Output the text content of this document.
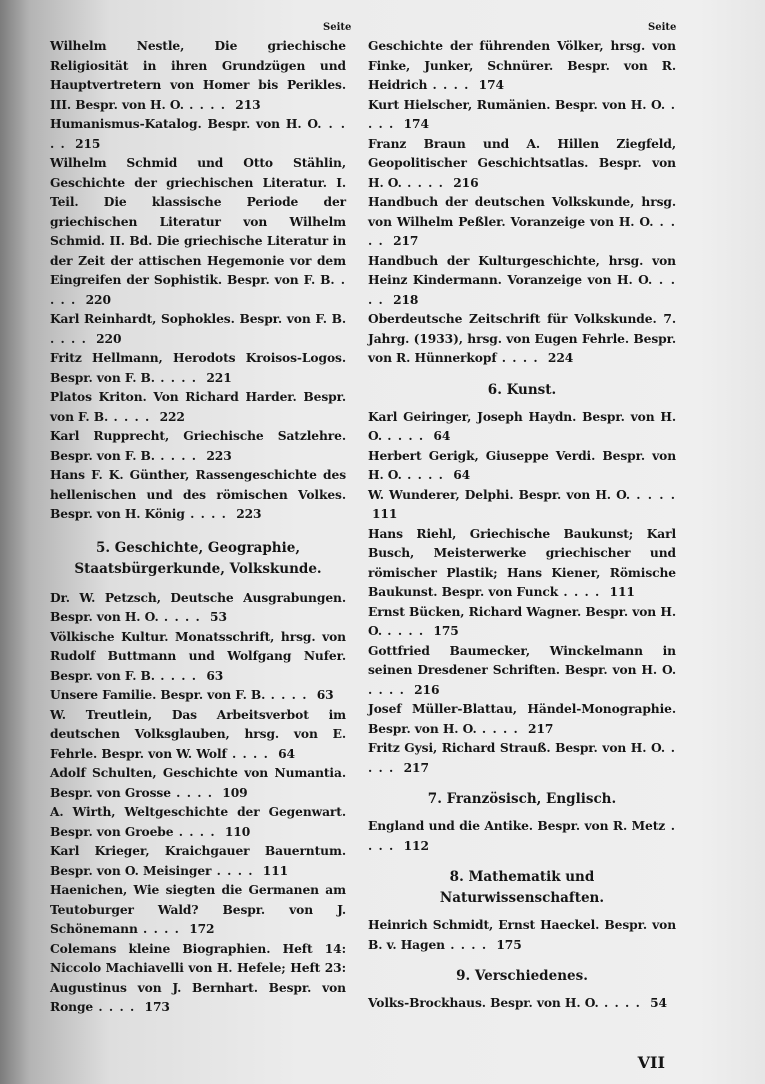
Seite	Seite

Wilhelm Nestle, Die griechische Religiosität in ihren Grundzügen und Hauptvertretern von Homer bis Perikles. III. Bespr. von H. O. . . . . 213

Humanismus-Katalog. Bespr. von H. O. . . . . 215

Wilhelm Schmid und Otto Stählin, Geschichte der griechischen Literatur. I. Teil. Die klassische Periode der griechischen Literatur von Wilhelm Schmid. II. Bd. Die griechische Literatur in der Zeit der attischen Hegemonie vor dem Eingreifen der Sophistik. Bespr. von F. B. . . . . 220

Karl Reinhardt, Sophokles. Bespr. von F. B. . . . . 220

Fritz Hellmann, Herodots Kroisos-Logos. Bespr. von F. B. . . . . 221

Platos Kriton. Von Richard Harder. Bespr. von F. B. . . . . 222

Karl Rupprecht, Griechische Satzlehre. Bespr. von F. B. . . . . 223

Hans F. K. Günther, Rassengeschichte des hellenischen und des römischen Volkes. Bespr. von H. König . . . . 223

5. Geschichte, Geographie, Staatsbürgerkunde, Volkskunde.

Dr. W. Petzsch, Deutsche Ausgrabungen. Bespr. von H. O. . . . . 53

Völkische Kultur. Monatsschrift, hrsg. von Rudolf Buttmann und Wolfgang Nufer. Bespr. von F. B. . . . . 63

Unsere Familie. Bespr. von F. B. . . . . 63

W. Treutlein, Das Arbeitsverbot im deutschen Volksglauben, hrsg. von E. Fehrle. Bespr. von W. Wolf . . . . 64

Adolf Schulten, Geschichte von Numantia. Bespr. von Grosse . . . . 109

A. Wirth, Weltgeschichte der Gegenwart. Bespr. von Groebe . . . . 110

Karl Krieger, Kraichgauer Bauerntum. Bespr. von O. Meisinger . . . . 111

Haenichen, Wie siegten die Germanen am Teutoburger Wald? Bespr. von J. Schönemann . . . . 172

Colemans kleine Biographien. Heft 14: Niccolo Machiavelli von H. Hefele; Heft 23: Augustinus von J. Bernhart. Bespr. von Ronge . . . . 173

Geschichte der führenden Völker, hrsg. von Finke, Junker, Schnürer. Bespr. von R. Heidrich . . . . 174

Kurt Hielscher, Rumänien. Bespr. von H. O. . . . . 174

Franz Braun und A. Hillen Ziegfeld, Geopolitischer Geschichtsatlas. Bespr. von H. O. . . . . 216

Handbuch der deutschen Volkskunde, hrsg. von Wilhelm Peßler. Voranzeige von H. O. . . . . 217

Handbuch der Kulturgeschichte, hrsg. von Heinz Kindermann. Voranzeige von H. O. . . . . 218

Oberdeutsche Zeitschrift für Volkskunde. 7. Jahrg. (1933), hrsg. von Eugen Fehrle. Bespr. von R. Hünnerkopf . . . . 224

6. Kunst.

Karl Geiringer, Joseph Haydn. Bespr. von H. O. . . . . 64

Herbert Gerigk, Giuseppe Verdi. Bespr. von H. O. . . . . 64

W. Wunderer, Delphi. Bespr. von H. O. . . . . 111

Hans Riehl, Griechische Baukunst; Karl Busch, Meisterwerke griechischer und römischer Plastik; Hans Kiener, Römische Baukunst. Bespr. von Funck . . . . 111

Ernst Bücken, Richard Wagner. Bespr. von H. O. . . . . 175

Gottfried Baumecker, Winckelmann in seinen Dresdener Schriften. Bespr. von H. O. . . . . 216

Josef Müller-Blattau, Händel-Monographie. Bespr. von H. O. . . . . 217

Fritz Gysi, Richard Strauß. Bespr. von H. O. . . . . 217

7. Französisch, Englisch.

England und die Antike. Bespr. von R. Metz . . . . 112

8. Mathematik und Naturwissenschaften.

Heinrich Schmidt, Ernst Haeckel. Bespr. von B. v. Hagen . . . . 175

9. Verschiedenes.

Volks-Brockhaus. Bespr. von H. O. . . . . 54

VII
